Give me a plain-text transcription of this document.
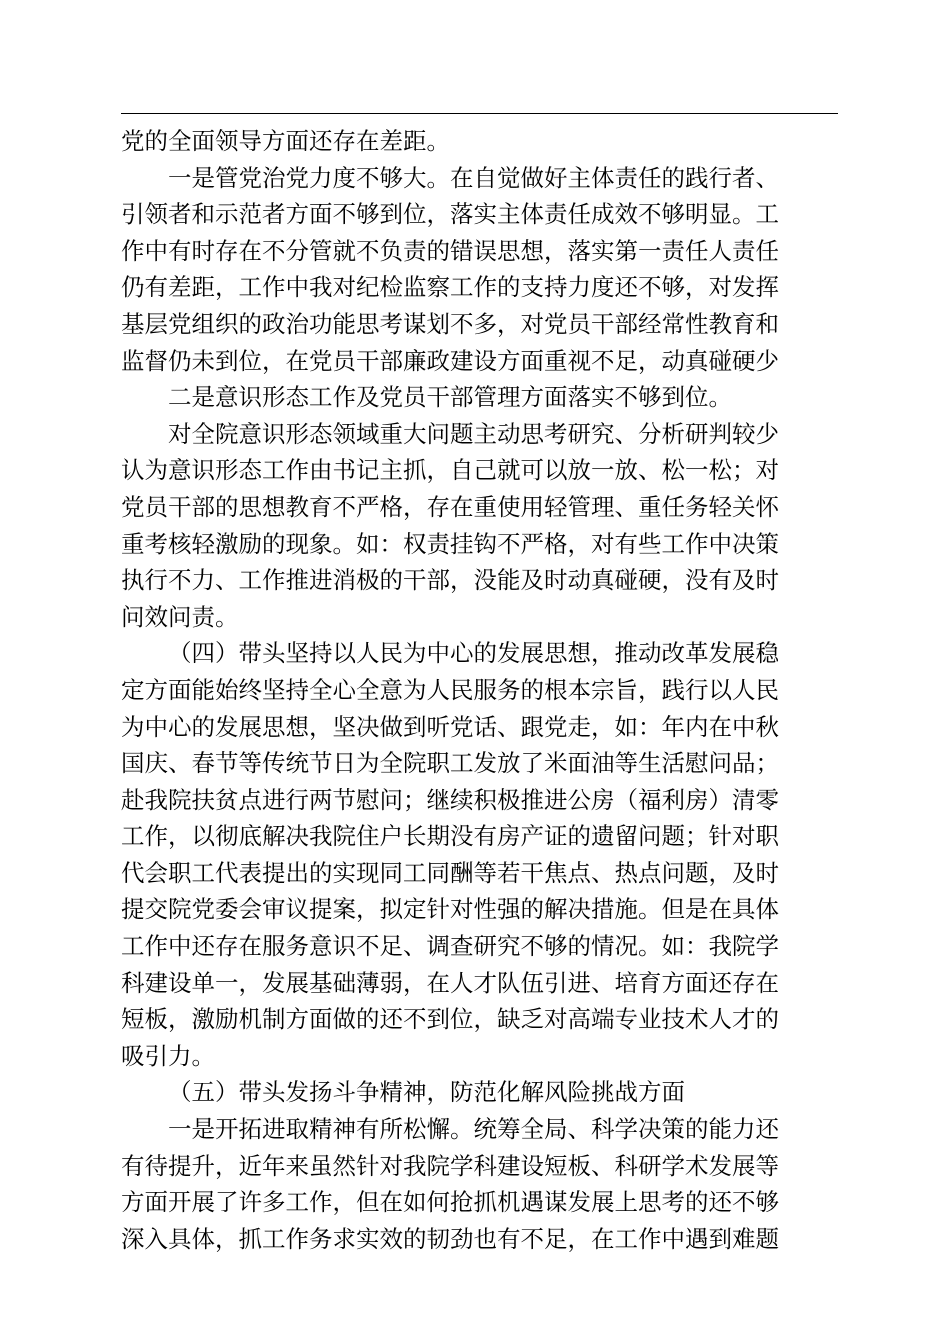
党的全面领导方面还存在差距。
一是管党治党力度不够大。在自觉做好主体责任的践行者、
引领者和示范者方面不够到位，落实主体责任成效不够明显。工
作中有时存在不分管就不负责的错误思想，落实第一责任人责任
仍有差距，工作中我对纪检监察工作的支持力度还不够，对发挥
基层党组织的政治功能思考谋划不多，对党员干部经常性教育和
监督仍未到位，在党员干部廉政建设方面重视不足，动真碰硬少
二是意识形态工作及党员干部管理方面落实不够到位。
对全院意识形态领域重大问题主动思考研究、分析研判较少
认为意识形态工作由书记主抓，自己就可以放一放、松一松；对
党员干部的思想教育不严格，存在重使用轻管理、重任务轻关怀
重考核轻激励的现象。如：权责挂钩不严格，对有些工作中决策
执行不力、工作推进消极的干部，没能及时动真碰硬，没有及时
问效问责。
（四）带头坚持以人民为中心的发展思想，推动改革发展稳
定方面能始终坚持全心全意为人民服务的根本宗旨，践行以人民
为中心的发展思想，坚决做到听党话、跟党走，如：年内在中秋
国庆、春节等传统节日为全院职工发放了米面油等生活慰问品；
赴我院扶贫点进行两节慰问；继续积极推进公房（福利房）清零
工作，以彻底解决我院住户长期没有房产证的遗留问题；针对职
代会职工代表提出的实现同工同酬等若干焦点、热点问题，及时
提交院党委会审议提案，拟定针对性强的解决措施。但是在具体
工作中还存在服务意识不足、调查研究不够的情况。如：我院学
科建设单一，发展基础薄弱，在人才队伍引进、培育方面还存在
短板，激励机制方面做的还不到位，缺乏对高端专业技术人才的
吸引力。
（五）带头发扬斗争精神，防范化解风险挑战方面
一是开拓进取精神有所松懈。统筹全局、科学决策的能力还
有待提升，近年来虽然针对我院学科建设短板、科研学术发展等
方面开展了许多工作，但在如何抢抓机遇谋发展上思考的还不够
深入具体，抓工作务求实效的韧劲也有不足，在工作中遇到难题
